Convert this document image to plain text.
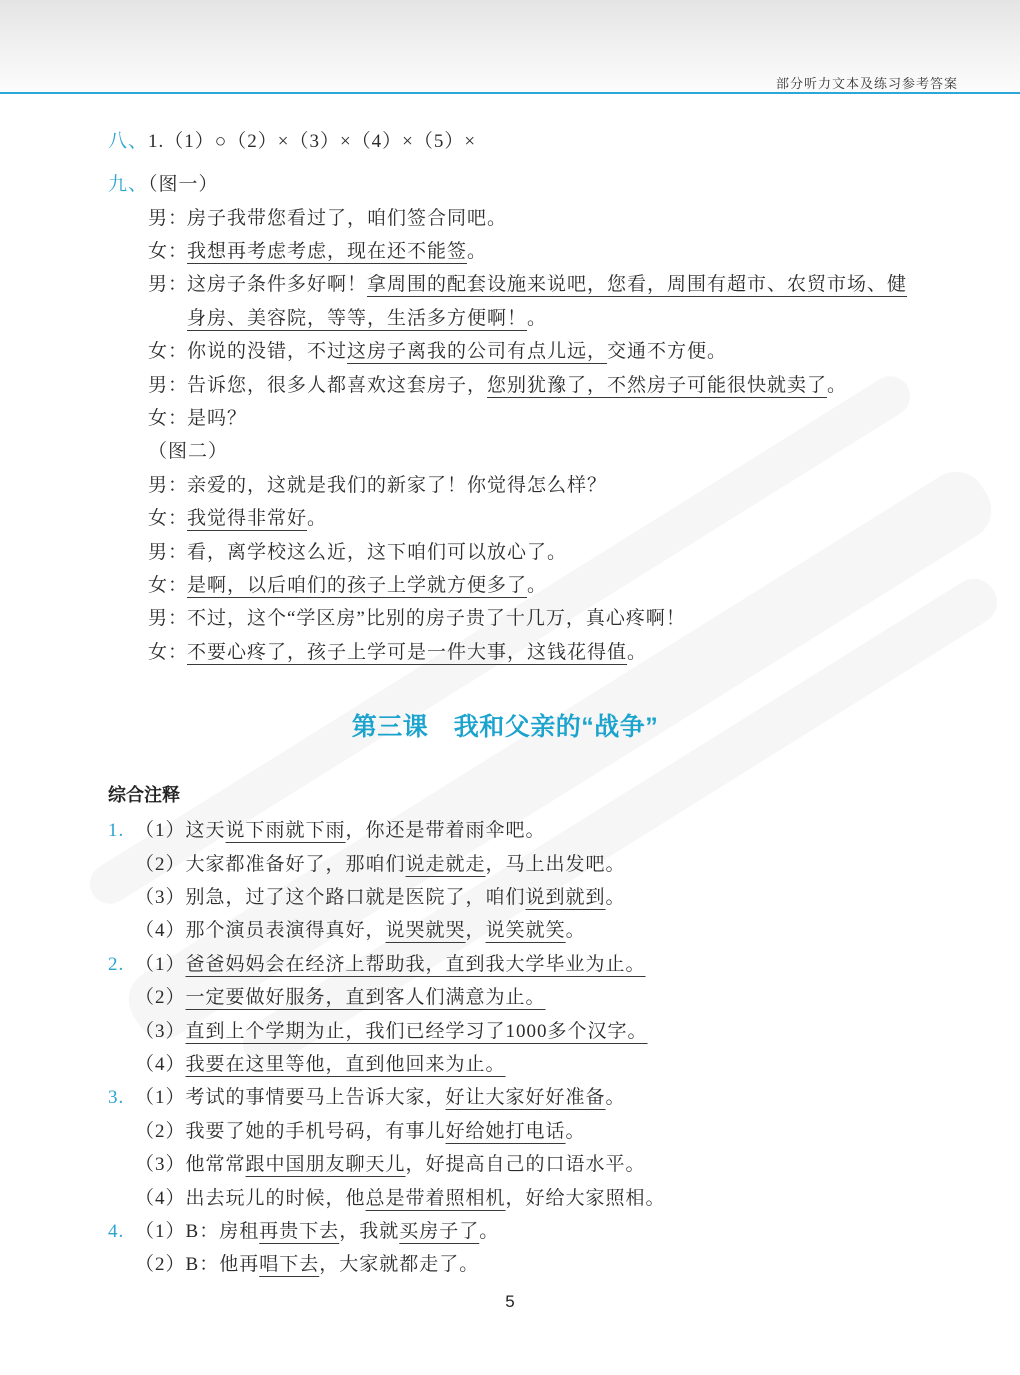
部分听力文本及练习参考答案
八、1.（1）○（2）×（3）×（4）×（5）×
九、（图一）
男：房子我带您看过了，咱们签合同吧。
女：我想再考虑考虑，现在还不能签。
男：这房子条件多好啊！拿周围的配套设施来说吧，您看，周围有超市、农贸市场、健
身房、美容院，等等，生活多方便啊！。
女：你说的没错，不过这房子离我的公司有点儿远，交通不方便。
男：告诉您，很多人都喜欢这套房子，您别犹豫了，不然房子可能很快就卖了。
女：是吗？
（图二）
男：亲爱的，这就是我们的新家了！你觉得怎么样？
女：我觉得非常好。
男：看，离学校这么近，这下咱们可以放心了。
女：是啊，以后咱们的孩子上学就方便多了。
男：不过，这个“学区房”比别的房子贵了十几万，真心疼啊！
女：不要心疼了，孩子上学可是一件大事，这钱花得值。
第三课　我和父亲的“战争”
综合注释
1. （1）这天说下雨就下雨，你还是带着雨伞吧。
（2）大家都准备好了，那咱们说走就走，马上出发吧。
（3）别急，过了这个路口就是医院了，咱们说到就到。
（4）那个演员表演得真好，说哭就哭，说笑就笑。
2. （1）爸爸妈妈会在经济上帮助我，直到我大学毕业为止。
（2）一定要做好服务，直到客人们满意为止。
（3）直到上个学期为止，我们已经学习了1000多个汉字。
（4）我要在这里等他，直到他回来为止。
3. （1）考试的事情要马上告诉大家，好让大家好好准备。
（2）我要了她的手机号码，有事儿好给她打电话。
（3）他常常跟中国朋友聊天儿，好提高自己的口语水平。
（4）出去玩儿的时候，他总是带着照相机，好给大家照相。
4. （1）B：房租再贵下去，我就买房子了。
（2）B：他再唱下去，大家就都走了。
5
